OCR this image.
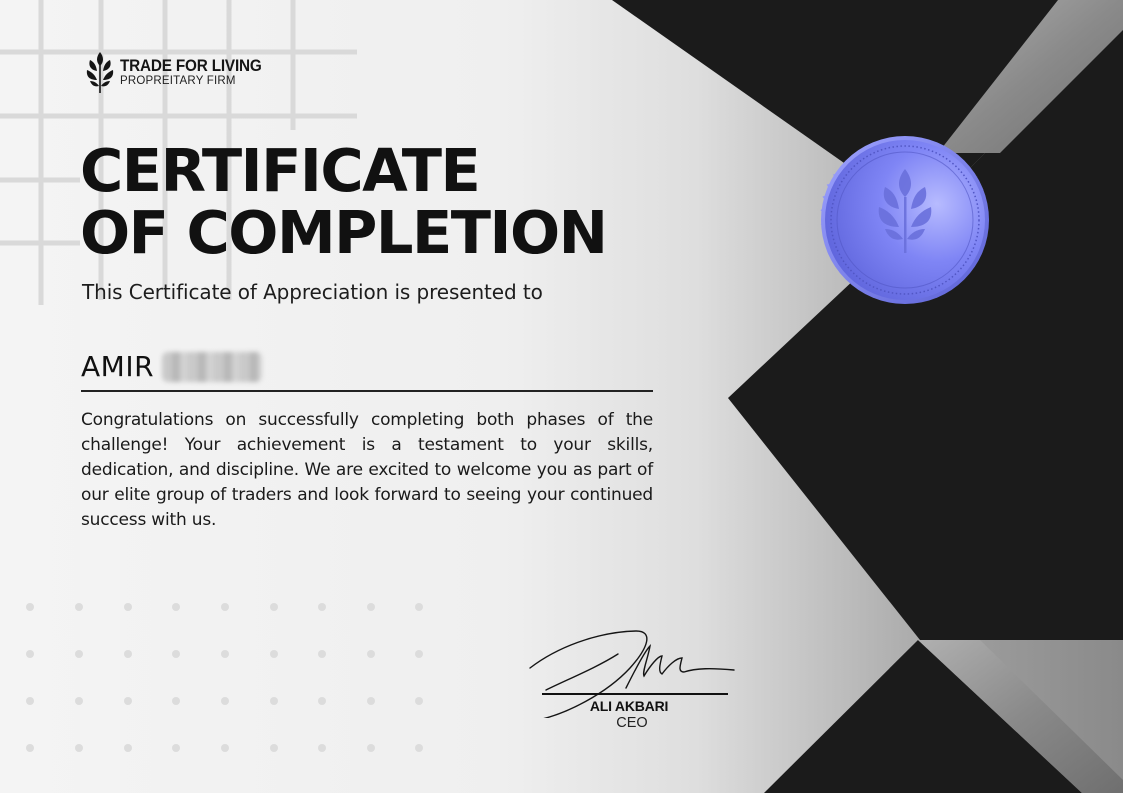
TRADE FOR LIVING
PROPREITARY FIRM
CERTIFICATE
OF COMPLETION
This Certificate of Appreciation is presented to
AMIR

Congratulations on successfully completing both phases of the challenge! Your achievement is a testament to your skills, dedication, and discipline. We are excited to welcome you as part of our elite group of traders and look forward to seeing your continued success with us.

ALI AKBARI
CEO
